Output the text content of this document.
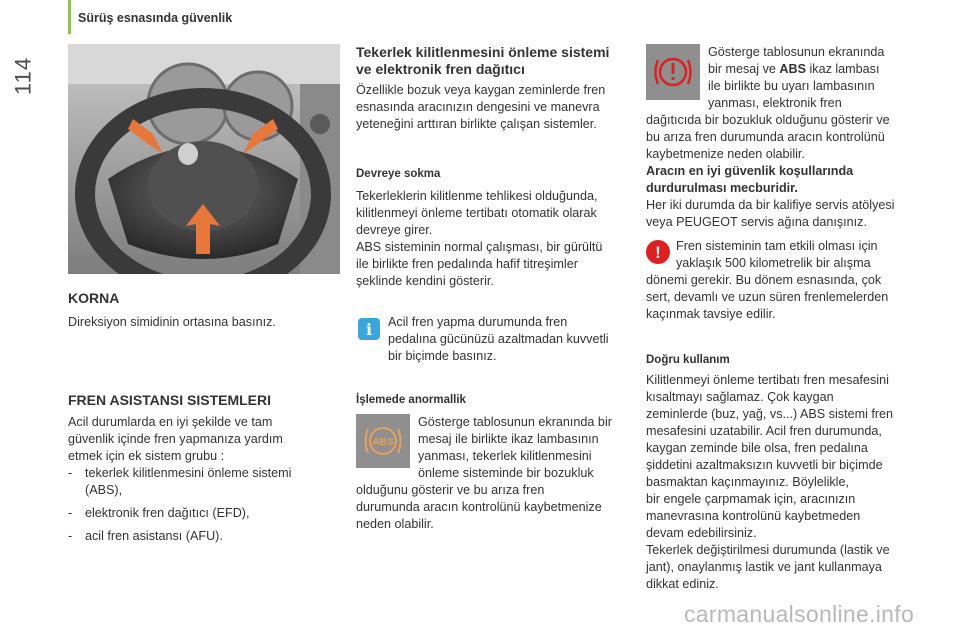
114
Sürüş esnasında güvenlik
KORNA

Direksiyon simidinin ortasına basınız.

FREN ASISTANSI SISTEMLERI
Acil durumlarda en iyi şekilde ve tam
güvenlik içinde fren yapmanıza yardım
etmek için ek sistem grubu :
- tekerlek kilitlenmesini önleme sistemi
(ABS),
- elektronik fren dağıtıcı (EFD),
- acil fren asistansı (AFU).
Tekerlek kilitlenmesini önleme sistemi
ve elektronik fren dağıtıcı
Özellikle bozuk veya kaygan zeminlerde fren
esnasında aracınızın dengesini ve manevra
yeteneğini arttıran birlikte çalışan sistemler.
Devreye sokma
Tekerleklerin kilitlenme tehlikesi olduğunda,
kilitlenmeyi önleme tertibatı otomatik olarak
devreye girer.
ABS sisteminin normal çalışması, bir gürültü
ile birlikte fren pedalında hafif titreşimler
şeklinde kendini gösterir.
i	Acil fren yapma durumunda fren
pedalına gücünüzü azaltmadan kuvvetli
bir biçimde basınız.
İşlemede anormallik
ABS
Gösterge tablosunun ekranında bir
mesaj ile birlikte ikaz lambasının
yanması, tekerlek kilitlenmesini
önleme sisteminde bir bozukluk
olduğunu gösterir ve bu arıza fren
durumunda aracın kontrolünü kaybetmenize
neden olabilir.
Gösterge tablosunun ekranında
bir mesaj ve ABS ikaz lambası
ile birlikte bu uyarı lambasının
yanması, elektronik fren
dağıtıcıda bir bozukluk olduğunu gösterir ve
bu arıza fren durumunda aracın kontrolünü
kaybetmenize neden olabilir.
Aracın en iyi güvenlik koşullarında
durdurulması mecburidir.
Her iki durumda da bir kalifiye servis atölyesi
veya PEUGEOT servis ağına danışınız.
!	Fren sisteminin tam etkili olması için
yaklaşık 500 kilometrelik bir alışma
dönemi gerekir. Bu dönem esnasında, çok
sert, devamlı ve uzun süren frenlemelerden
kaçınmak tavsiye edilir.
Doğru kullanım
Kilitlenmeyi önleme tertibatı fren mesafesini
kısaltmayı sağlamaz. Çok kaygan
zeminlerde (buz, yağ, vs...) ABS sistemi fren
mesafesini uzatabilir. Acil fren durumunda,
kaygan zeminde bile olsa, fren pedalına
şiddetini azaltmaksızın kuvvetli bir biçimde
basmaktan kaçınmayınız. Böylelikle,
bir engele çarpmamak için, aracınızın
manevrasına kontrolünü kaybetmeden
devam edebilirsiniz.
Tekerlek değiştirilmesi durumunda (lastik ve
jant), onaylanmış lastik ve jant kullanmaya
dikkat ediniz.
carmanualsonline.info
